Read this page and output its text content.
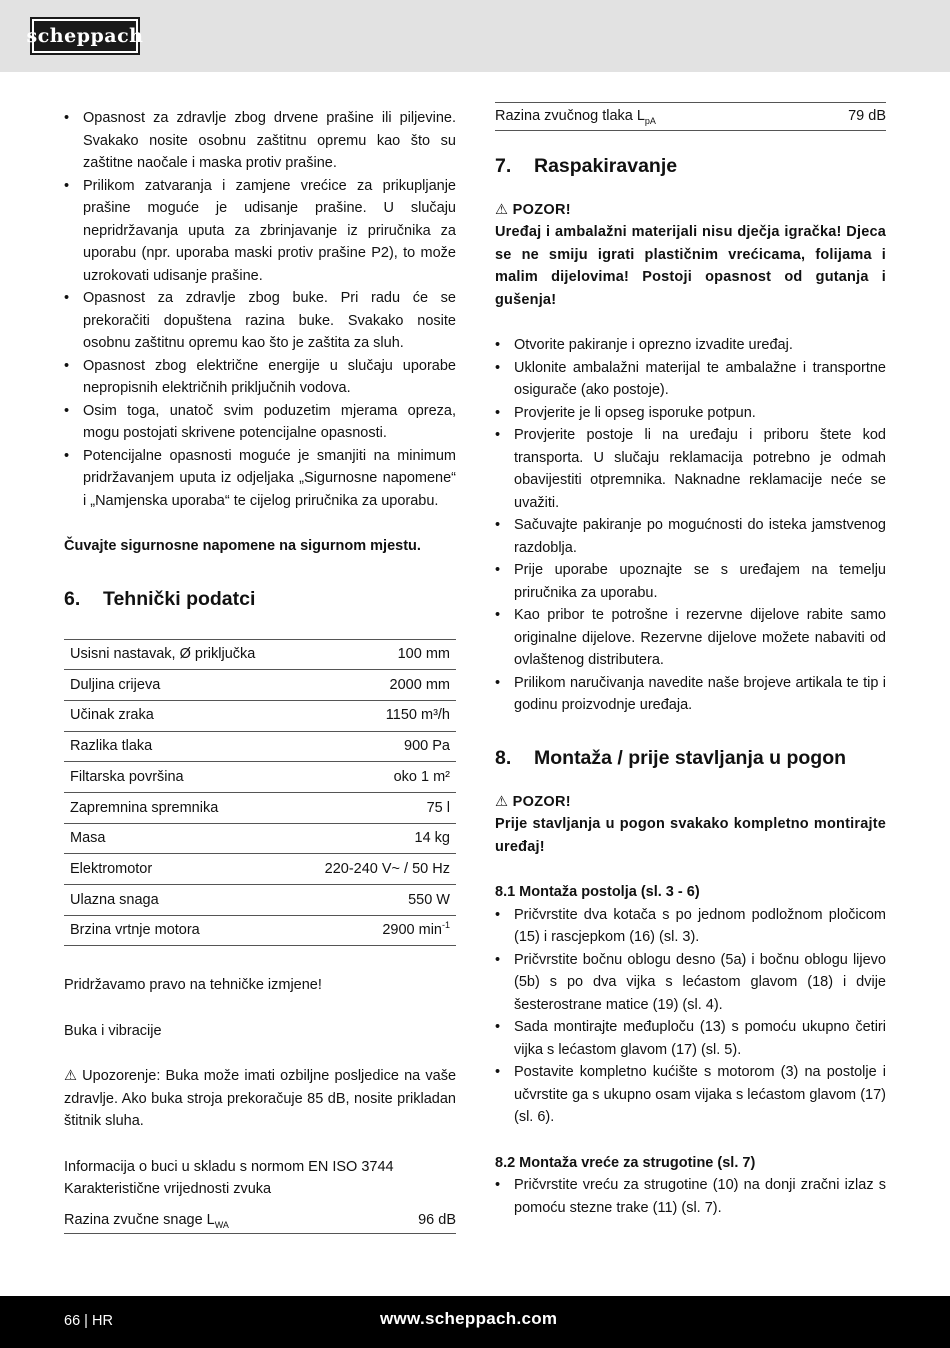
scheppach
• Opasnost za zdravlje zbog drvene prašine ili piljevine. Svakako nosite osobnu zaštitnu opremu kao što su zaštitne naočale i maska protiv prašine.
• Prilikom zatvaranja i zamjene vrećice za prikupljanje prašine moguće je udisanje prašine. U slučaju nepridržavanja uputa za zbrinjavanje iz priručnika za uporabu (npr. uporaba maski protiv prašine P2), to može uzrokovati udisanje prašine.
• Opasnost za zdravlje zbog buke. Pri radu će se prekoračiti dopuštena razina buke. Svakako nosite osobnu zaštitnu opremu kao što je zaštita za sluh.
• Opasnost zbog električne energije u slučaju uporabe nepropisnih električnih priključnih vodova.
• Osim toga, unatoč svim poduzetim mjerama opreza, mogu postojati skrivene potencijalne opasnosti.
• Potencijalne opasnosti moguće je smanjiti na minimum pridržavanjem uputa iz odjeljaka „Sigurnosne napomene“ i „Namjenska uporaba“ te cijelog priručnika za uporabu.

Čuvajte sigurnosne napomene na sigurnom mjestu.

6.	Tehnički podatci
Usisni nastavak, Ø priključka	100 mm
Duljina crijeva	2000 mm
Učinak zraka	1150 m³/h
Razlika tlaka	900 Pa
Filtarska površina	oko 1 m²
Zapremnina spremnika	75 l
Masa	14 kg
Elektromotor	220-240 V~ / 50 Hz
Ulazna snaga	550 W
Brzina vrtnje motora	2900 $\min^{-1}$

Pridržavamo pravo na tehničke izmjene!

Buka i vibracije

⚠ Upozorenje: Buka može imati ozbiljne posljedice na vaše zdravlje. Ako buka stroja prekoračuje 85 dB, nosite prikladan štitnik sluha.

Informacija o buci u skladu s normom EN ISO 3744

Karakteristične vrijednosti zvuka

Razina zvučne snage $L_{WA}$	96 dB
Razina zvučnog tlaka $L_{pA}$	79 dB
7.	Raspakiravanje

⚠ POZOR!

Uređaj i ambalažni materijali nisu dječja igračka! Djeca se ne smiju igrati plastičnim vrećicama, folijama i malim dijelovima! Postoji opasnost od gutanja i gušenja!

• Otvorite pakiranje i oprezno izvadite uređaj.
• Uklonite ambalažni materijal te ambalažne i transportne osigurače (ako postoje).
• Provjerite je li opseg isporuke potpun.
• Provjerite postoje li na uređaju i priboru štete kod transporta. U slučaju reklamacija potrebno je odmah obavijestiti otpremnika. Naknadne reklamacije neće se uvažiti.
• Sačuvajte pakiranje po mogućnosti do isteka jamstvenog razdoblja.
• Prije uporabe upoznajte se s uređajem na temelju priručnika za uporabu.
• Kao pribor te potrošne i rezervne dijelove rabite samo originalne dijelove. Rezervne dijelove možete nabaviti od ovlaštenog distributera.
• Prilikom naručivanja navedite naše brojeve artikala te tip i godinu proizvodnje uređaja.
8.	Montaža / prije stavljanja u pogon

⚠ POZOR!

Prije stavljanja u pogon svakako kompletno montirajte uređaj!

8.1 Montaža postolja (sl. 3 - 6)

• Pričvrstite dva kotača s po jednom podložnom pločicom (15) i rascjepkom (16) (sl. 3).
• Pričvrstite bočnu oblogu desno (5a) i bočnu oblogu lijevo (5b) s po dva vijka s lećastom glavom (18) i dvije šesterostrane matice (19) (sl. 4).
• Sada montirajte međuploču (13) s pomoću ukupno četiri vijka s lećastom glavom (17) (sl. 5).
• Postavite kompletno kućište s motorom (3) na postolje i učvrstite ga s ukupno osam vijaka s lećastom glavom (17) (sl. 6).

8.2 Montaža vreće za strugotine (sl. 7)

• Pričvrstite vreću za strugotine (10) na donji zračni izlaz s pomoću stezne trake (11) (sl. 7).
66 | HR	www.scheppach.com
